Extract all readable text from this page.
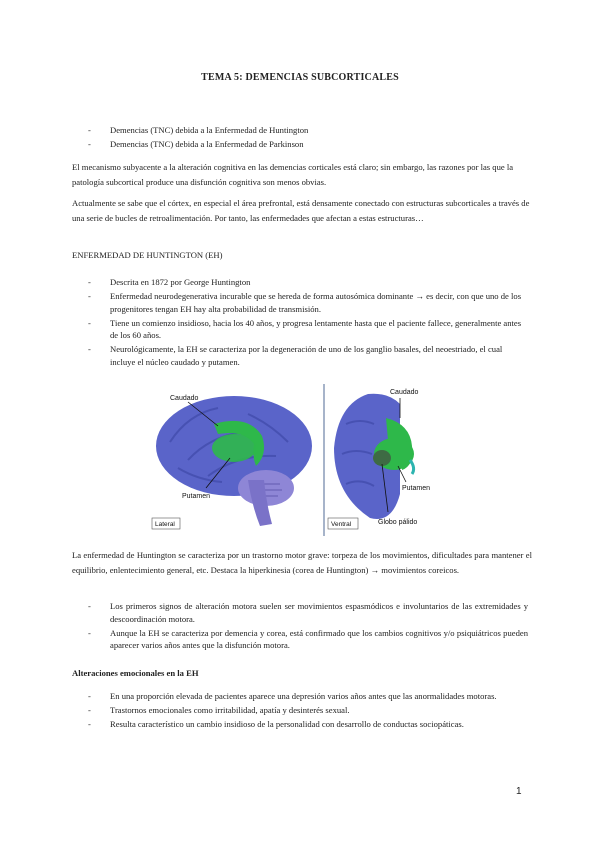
TEMA 5: DEMENCIAS SUBCORTICALES
- Demencias (TNC) debida a la Enfermedad de Huntington
- Demencias (TNC) debida a la Enfermedad de Parkinson

El mecanismo subyacente a la alteración cognitiva en las demencias corticales está claro; sin embargo, las razones por las que la patología subcortical produce una disfunción cognitiva son menos obvias.

Actualmente se sabe que el córtex, en especial el área prefrontal, está densamente conectado con estructuras subcorticales a través de una serie de bucles de retroalimentación. Por tanto, las enfermedades que afectan a estas estructuras…

ENFERMEDAD DE HUNTINGTON (EH)

- Descrita en 1872 por George Huntington
- Enfermedad neurodegenerativa incurable que se hereda de forma autosómica dominante → es decir, con que uno de los progenitores tengan EH hay alta probabilidad de transmisión.
- Tiene un comienzo insidioso, hacia los 40 años, y progresa lentamente hasta que el paciente fallece, generalmente antes de los 60 años.
- Neurológicamente, la EH se caracteriza por la degeneración de uno de los ganglio basales, del neoestriado, el cual incluye el núcleo caudado y putamen.
Caudado
Putamen
Lateral
Caudado
Putamen
Globo pálido
Ventral

La enfermedad de Huntington se caracteriza por un trastorno motor grave: torpeza de los movimientos, dificultades para mantener el equilibrio, enlentecimiento general, etc. Destaca la hiperkinesia (corea de Huntington) → movimientos coreicos.

- Los primeros signos de alteración motora suelen ser movimientos espasmódicos e involuntarios de las extremidades y descoordinación motora.
- Aunque la EH se caracteriza por demencia y corea, está confirmado que los cambios cognitivos y/o psiquiátricos pueden aparecer varios años antes que la disfunción motora.

Alteraciones emocionales en la EH

- En una proporción elevada de pacientes aparece una depresión varios años antes que las anormalidades motoras.
- Trastornos emocionales como irritabilidad, apatía y desinterés sexual.
- Resulta característico un cambio insidioso de la personalidad con desarrollo de conductas sociopáticas.
1
